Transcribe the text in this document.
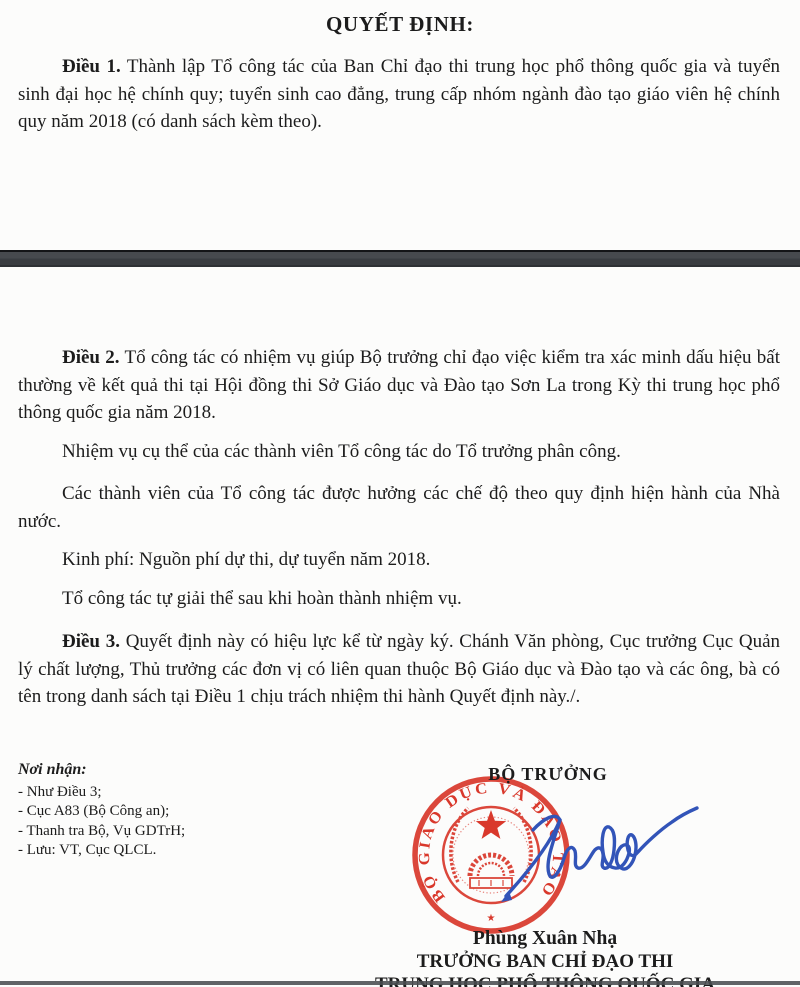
QUYẾT ĐỊNH:

Điều 1. Thành lập Tổ công tác của Ban Chỉ đạo thi trung học phổ thông quốc gia và tuyển sinh đại học hệ chính quy; tuyển sinh cao đẳng, trung cấp nhóm ngành đào tạo giáo viên hệ chính quy năm 2018 (có danh sách kèm theo).

Điều 2. Tổ công tác có nhiệm vụ giúp Bộ trưởng chỉ đạo việc kiểm tra xác minh dấu hiệu bất thường về kết quả thi tại Hội đồng thi Sở Giáo dục và Đào tạo Sơn La trong Kỳ thi trung học phổ thông quốc gia năm 2018.

Nhiệm vụ cụ thể của các thành viên Tổ công tác do Tổ trưởng phân công.

Các thành viên của Tổ công tác được hưởng các chế độ theo quy định hiện hành của Nhà nước.

Kinh phí: Nguồn phí dự thi, dự tuyển năm 2018.

Tổ công tác tự giải thể sau khi hoàn thành nhiệm vụ.

Điều 3. Quyết định này có hiệu lực kể từ ngày ký. Chánh Văn phòng, Cục trưởng Cục Quản lý chất lượng, Thủ trưởng các đơn vị có liên quan thuộc Bộ Giáo dục và Đào tạo và các ông, bà có tên trong danh sách tại Điều 1 chịu trách nhiệm thi hành Quyết định này./.

Nơi nhận:
- Như Điều 3;
- Cục A83 (Bộ Công an);
- Thanh tra Bộ, Vụ GDTrH;
- Lưu: VT, Cục QLCL.
BỘ TRƯỞNG
BỘ GIÁO DỤC VÀ ĐÀO TẠO
★
Phùng Xuân Nhạ
TRƯỞNG BAN CHỈ ĐẠO THI
